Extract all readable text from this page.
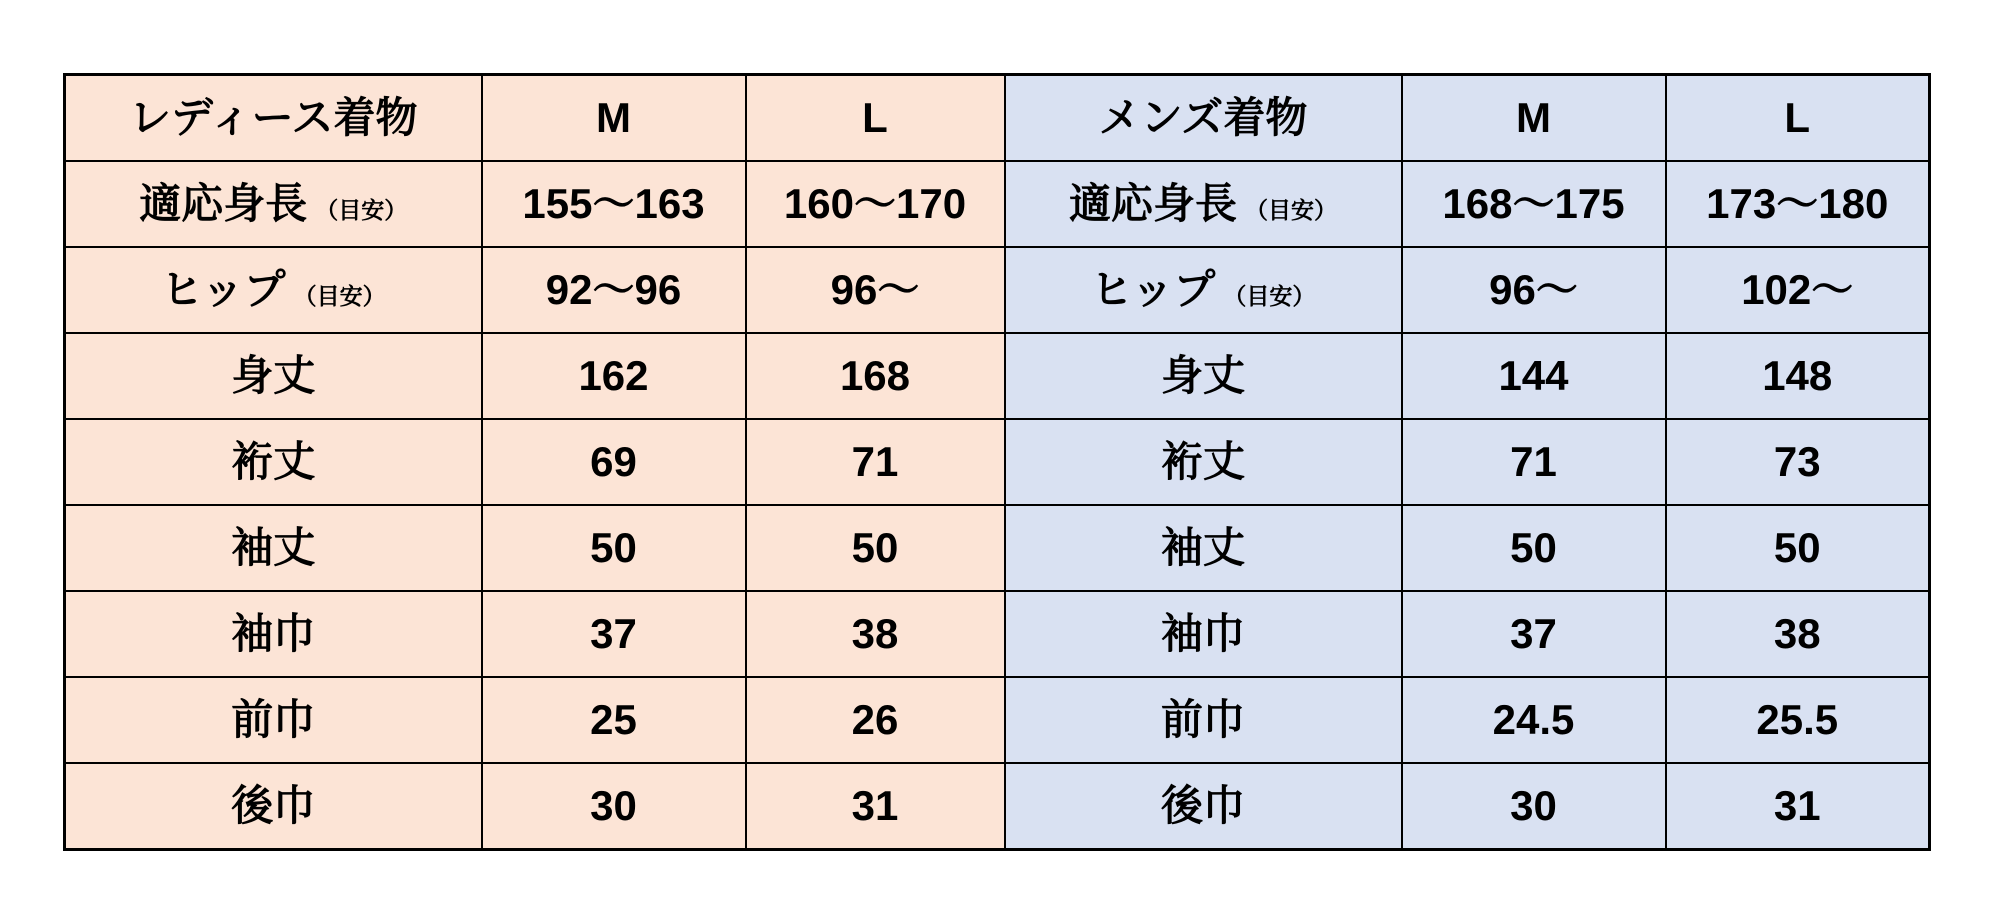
レディース着物	M	L	メンズ着物	M	L
適応身長 （目安）	155～163	160～170	適応身長 （目安）	168～175	173～180
ヒップ （目安）	92～96	96～	ヒップ （目安）	96～	102～
身丈	162	168	身丈	144	148
裄丈	69	71	裄丈	71	73
袖丈	50	50	袖丈	50	50
袖巾	37	38	袖巾	37	38
前巾	25	26	前巾	24.5	25.5
後巾	30	31	後巾	30	31
